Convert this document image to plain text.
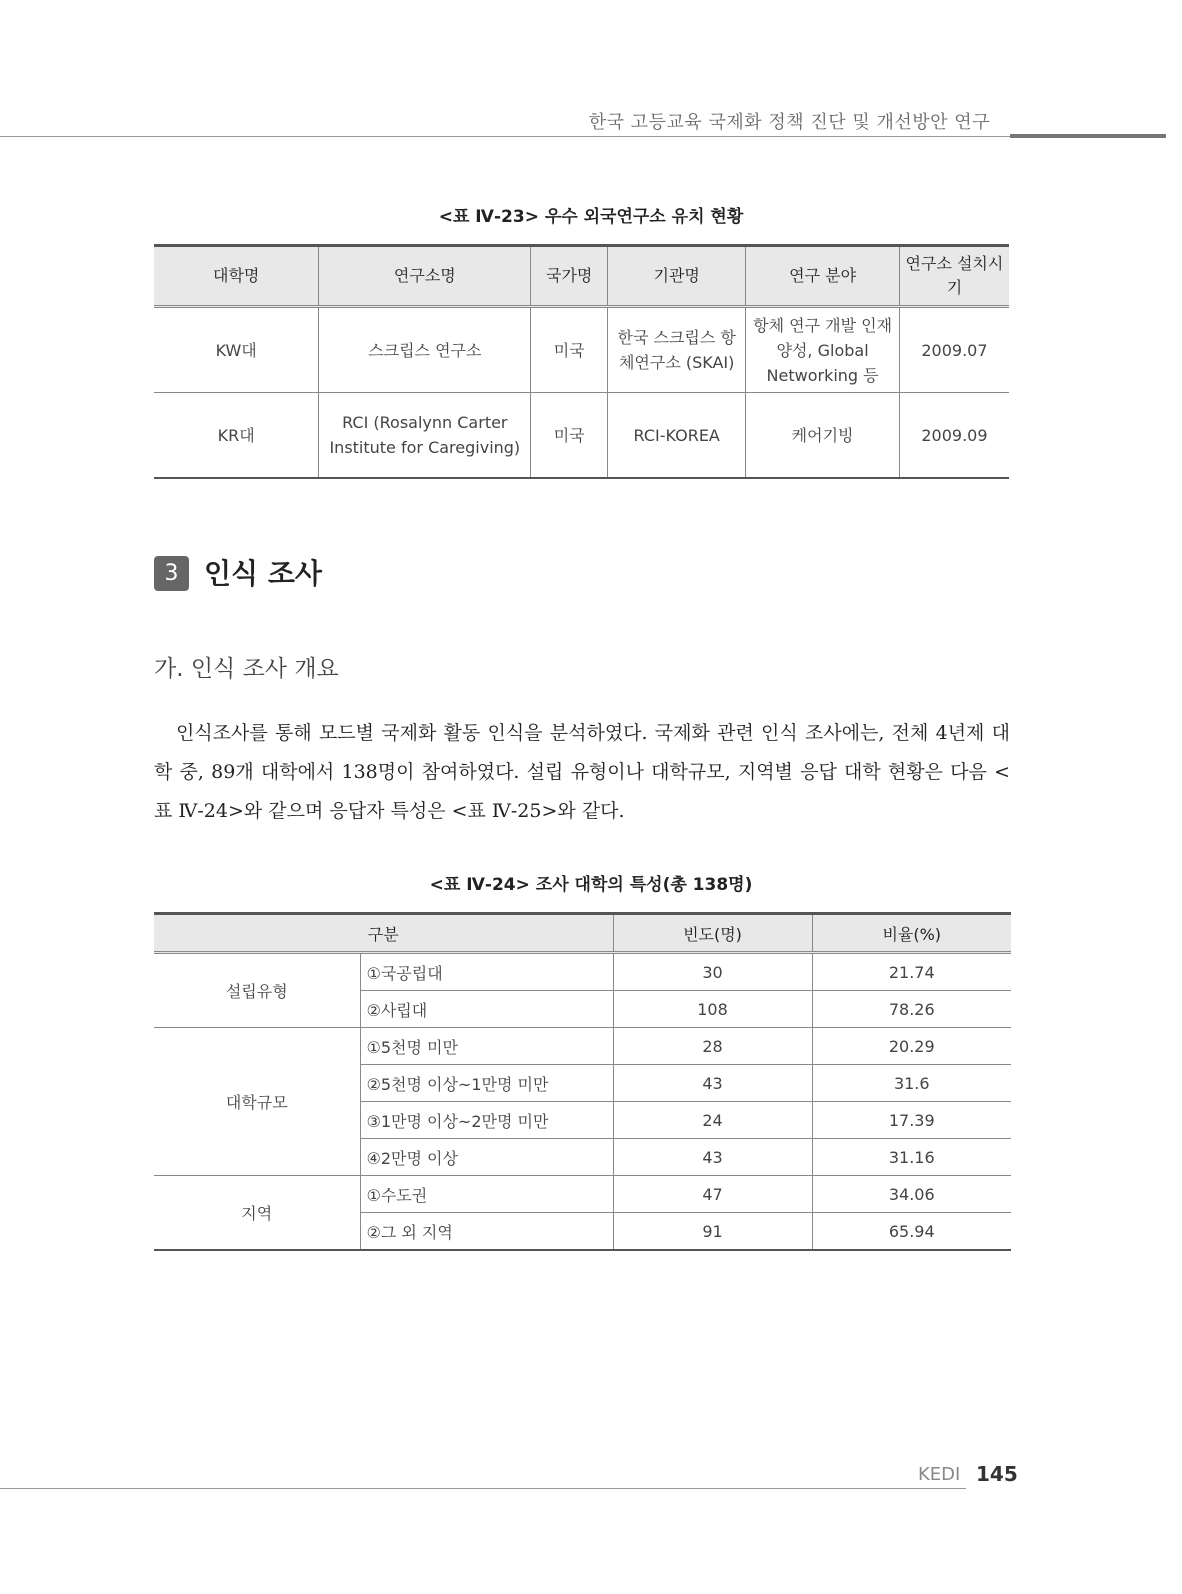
한국 고등교육 국제화 정책 진단 및 개선방안 연구
<표 Ⅳ-23> 우수 외국연구소 유치 현황
대학명	연구소명	국가명	기관명	연구 분야	연구소 설치시기
KW대	스크립스 연구소	미국	한국 스크립스 항체연구소 (SKAI)	항체 연구 개발 인재 양성, Global Networking 등	2009.07
KR대	RCI (Rosalynn Carter Institute for Caregiving)	미국	RCI-KOREA	케어기빙	2009.09
3 인식 조사
가. 인식 조사 개요
인식조사를 통해 모드별 국제화 활동 인식을 분석하였다. 국제화 관련 인식 조사에는, 전체 4년제 대학 중, 89개 대학에서 138명이 참여하였다. 설립 유형이나 대학규모, 지역별 응답 대학 현황은 다음 <표 Ⅳ-24>와 같으며 응답자 특성은 <표 Ⅳ-25>와 같다.
<표 Ⅳ-24> 조사 대학의 특성(총 138명)
구분		빈도(명)	비율(%)
설립유형	①국공립대	30	21.74
	②사립대	108	78.26
대학규모	①5천명 미만	28	20.29
	②5천명 이상~1만명 미만	43	31.6
	③1만명 이상~2만명 미만	24	17.39
	④2만명 이상	43	31.16
지역	①수도권	47	34.06
	②그 외 지역	91	65.94
KEDI 145
